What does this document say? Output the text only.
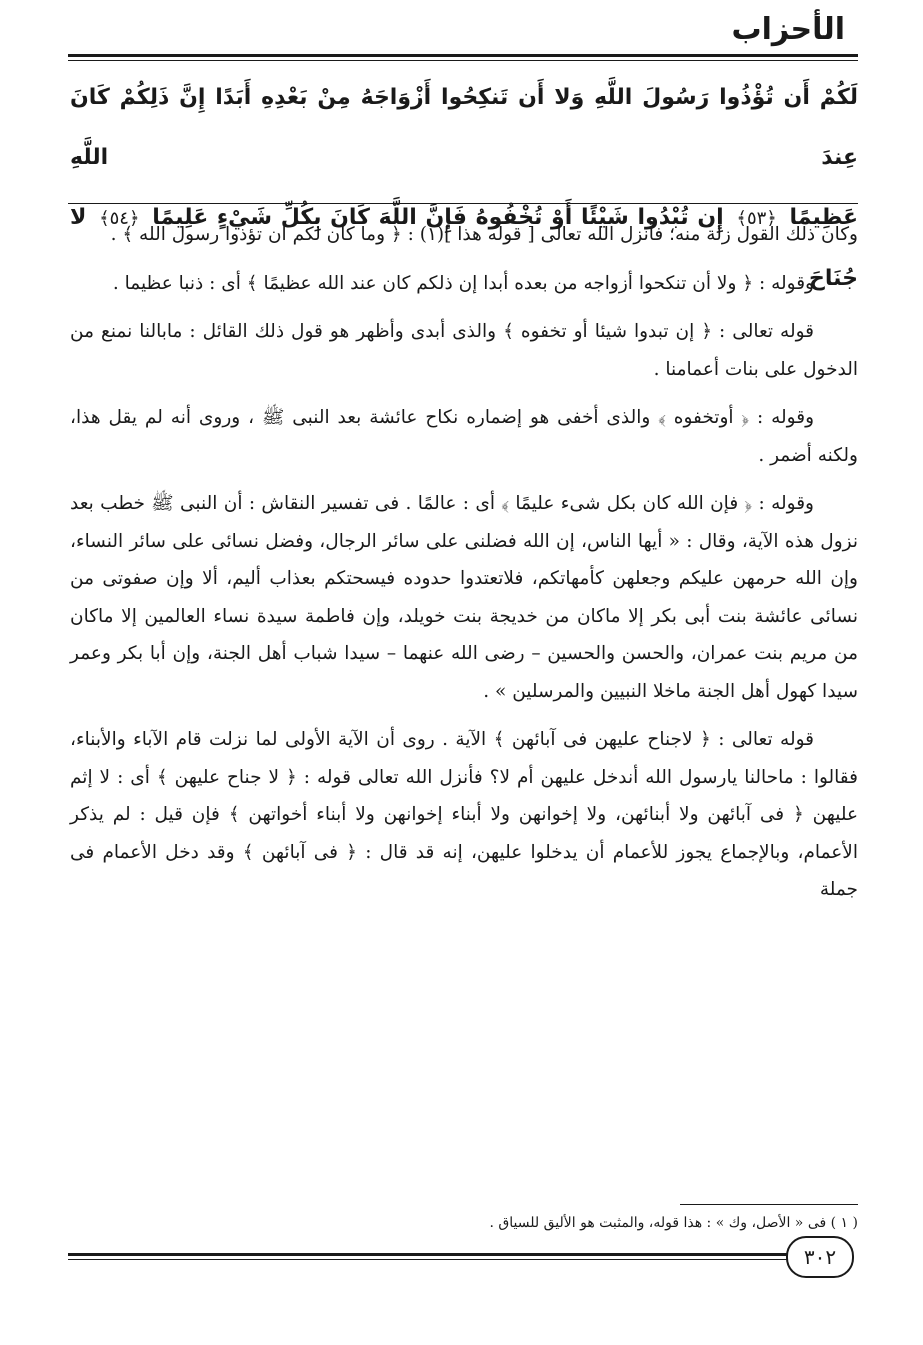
الأحزاب
لَكُمْ أَن تُؤْذُوا رَسُولَ اللَّهِ وَلا أَن تَنكِحُوا أَزْوَاجَهُ مِنْ بَعْدِهِ أَبَدًا إِنَّ ذَلِكُمْ كَانَ عِندَ اللَّهِ
عَظِيمًا ﴿٥٣﴾ إِن تُبْدُوا شَيْئًا أَوْ تُخْفُوهُ فَإِنَّ اللَّهَ كَانَ بِكُلِّ شَيْءٍ عَلِيمًا ﴿٥٤﴾ لا جُنَاحَ

وكان ذلك القول زلة منه؛ فأنزل الله تعالى [ قوله هذا ](١) : ﴿ وما كان لكم أن تؤذوا رسول الله ﴾ .

وقوله : ﴿ ولا أن تنكحوا أزواجه من بعده أبدا إن ذلكم كان عند الله عظيمًا ﴾ أى : ذنبا عظيما .

قوله تعالى : ﴿ إن تبدوا شيئا أو تخفوه ﴾ والذى أبدى وأظهر هو قول ذلك القائل : مابالنا نمنع من الدخول على بنات أعمامنا .

وقوله : ﴿ أوتخفوه ﴾ والذى أخفى هو إضماره نكاح عائشة بعد النبى ﷺ ، وروى أنه لم يقل هذا، ولكنه أضمر .

وقوله : ﴿ فإن الله كان بكل شىء عليمًا ﴾ أى : عالمًا . فى تفسير النقاش : أن النبى ﷺ خطب بعد نزول هذه الآية، وقال : « أيها الناس، إن الله فضلنى على سائر الرجال، وفضل نسائى على سائر النساء، وإن الله حرمهن عليكم وجعلهن كأمهاتكم، فلاتعتدوا حدوده فيسحتكم بعذاب أليم، ألا وإن صفوتى من نسائى عائشة بنت أبى بكر إلا ماكان من خديجة بنت خويلد، وإن فاطمة سيدة نساء العالمين إلا ماكان من مريم بنت عمران، والحسن والحسين – رضى الله عنهما – سيدا شباب أهل الجنة، وإن أبا بكر وعمر سيدا كهول أهل الجنة ماخلا النبيين والمرسلين » .

قوله تعالى : ﴿ لاجناح عليهن فى آبائهن ﴾ الآية . روى أن الآية الأولى لما نزلت قام الآباء والأبناء، فقالوا : ماحالنا يارسول الله أندخل عليهن أم لا؟ فأنزل الله تعالى قوله : ﴿ لا جناح عليهن ﴾ أى : لا إثم عليهن ﴿ فى آبائهن ولا أبنائهن، ولا إخوانهن ولا أبناء إخوانهن ولا أبناء أخواتهن ﴾ فإن قيل : لم يذكر الأعمام، وبالإجماع يجوز للأعمام أن يدخلوا عليهن، إنه قد قال : ﴿ فى آبائهن ﴾ وقد دخل الأعمام فى جملة

( ١ ) فى « الأصل، وك » : هذا قوله، والمثبت هو الأليق للسياق .
٣٠٢
